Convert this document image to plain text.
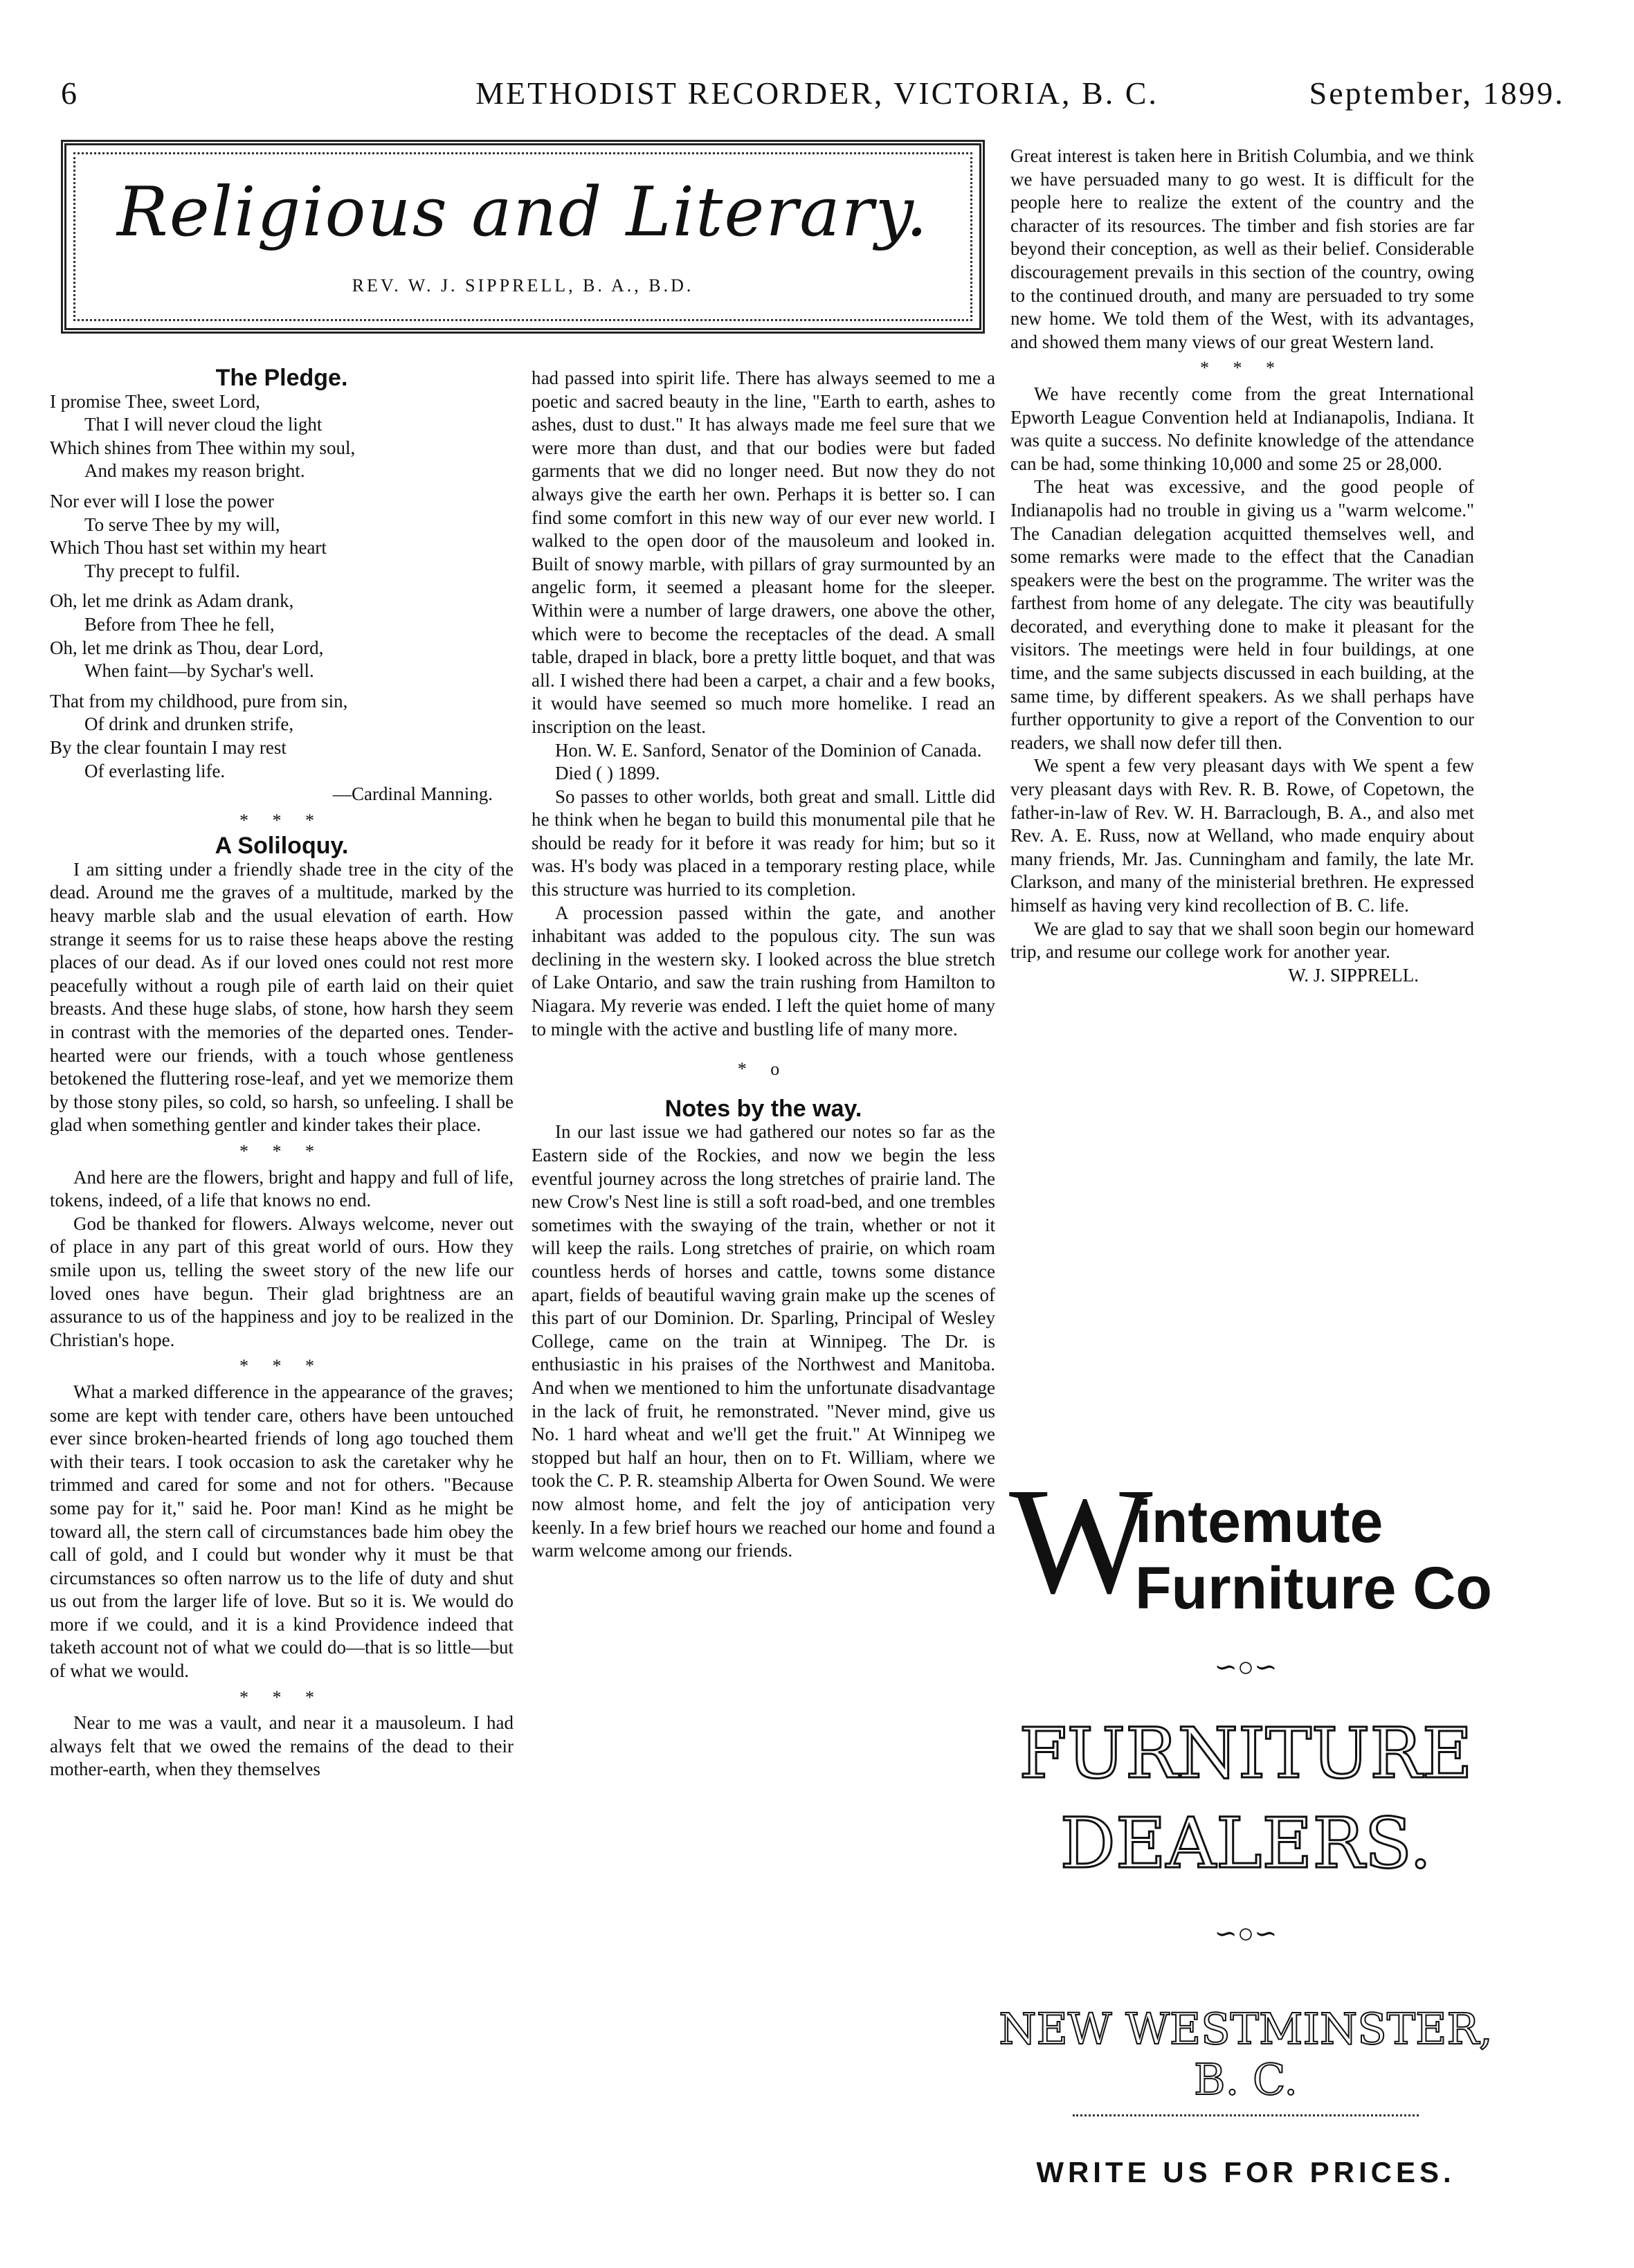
6	METHODIST RECORDER, VICTORIA, B. C.	September, 1899.
Religious and Literary.
REV. W. J. SIPPRELL, B. A., B.D.
The Pledge.
I promise Thee, sweet Lord,
That I will never cloud the light
Which shines from Thee within my soul,
And makes my reason bright.
Nor ever will I lose the power
To serve Thee by my will,
Which Thou hast set within my heart
Thy precept to fulfil.
Oh, let me drink as Adam drank,
Before from Thee he fell,
Oh, let me drink as Thou, dear Lord,
When faint—by Sychar's well.
That from my childhood, pure from sin,
Of drink and drunken strife,
By the clear fountain I may rest
Of everlasting life.

—Cardinal Manning.

* * *
A Soliloquy.

I am sitting under a friendly shade tree in the city of the dead. Around me the graves of a multitude, marked by the heavy marble slab and the usual elevation of earth. How strange it seems for us to raise these heaps above the resting places of our dead. As if our loved ones could not rest more peacefully without a rough pile of earth laid on their quiet breasts. And these huge slabs, of stone, how harsh they seem in contrast with the memories of the departed ones. Tender-hearted were our friends, with a touch whose gentleness betokened the fluttering rose-leaf, and yet we memorize them by those stony piles, so cold, so harsh, so unfeeling. I shall be glad when something gentler and kinder takes their place.

* * *

And here are the flowers, bright and happy and full of life, tokens, indeed, of a life that knows no end.

God be thanked for flowers. Always welcome, never out of place in any part of this great world of ours. How they smile upon us, telling the sweet story of the new life our loved ones have begun. Their glad brightness are an assurance to us of the happiness and joy to be realized in the Christian's hope.

* * *

What a marked difference in the appearance of the graves; some are kept with tender care, others have been untouched ever since broken-hearted friends of long ago touched them with their tears. I took occasion to ask the caretaker why he trimmed and cared for some and not for others. "Because some pay for it," said he. Poor man! Kind as he might be toward all, the stern call of circumstances bade him obey the call of gold, and I could but wonder why it must be that circumstances so often narrow us to the life of duty and shut us out from the larger life of love. But so it is. We would do more if we could, and it is a kind Providence indeed that taketh account not of what we could do—that is so little—but of what we would.

* * *

Near to me was a vault, and near it a mausoleum. I had always felt that we owed the remains of the dead to their mother-earth, when they themselves

had passed into spirit life. There has always seemed to me a poetic and sacred beauty in the line, "Earth to earth, ashes to ashes, dust to dust." It has always made me feel sure that we were more than dust, and that our bodies were but faded garments that we did no longer need. But now they do not always give the earth her own. Perhaps it is better so. I can find some comfort in this new way of our ever new world. I walked to the open door of the mausoleum and looked in. Built of snowy marble, with pillars of gray surmounted by an angelic form, it seemed a pleasant home for the sleeper. Within were a number of large drawers, one above the other, which were to become the receptacles of the dead. A small table, draped in black, bore a pretty little boquet, and that was all. I wished there had been a carpet, a chair and a few books, it would have seemed so much more homelike. I read an inscription on the least.

Hon. W. E. Sanford, Senator of the Dominion of Canada.

Died ( ) 1899.

So passes to other worlds, both great and small. Little did he think when he began to build this monumental pile that he should be ready for it before it was ready for him; but so it was. H's body was placed in a temporary resting place, while this structure was hurried to its completion.

A procession passed within the gate, and another inhabitant was added to the populous city. The sun was declining in the western sky. I looked across the blue stretch of Lake Ontario, and saw the train rushing from Hamilton to Niagara. My reverie was ended. I left the quiet home of many to mingle with the active and bustling life of many more.

* o
Notes by the way.

In our last issue we had gathered our notes so far as the Eastern side of the Rockies, and now we begin the less eventful journey across the long stretches of prairie land. The new Crow's Nest line is still a soft road-bed, and one trembles sometimes with the swaying of the train, whether or not it will keep the rails. Long stretches of prairie, on which roam countless herds of horses and cattle, towns some distance apart, fields of beautiful waving grain make up the scenes of this part of our Dominion. Dr. Sparling, Principal of Wesley College, came on the train at Winnipeg. The Dr. is enthusiastic in his praises of the Northwest and Manitoba. And when we mentioned to him the unfortunate disadvantage in the lack of fruit, he remonstrated. "Never mind, give us No. 1 hard wheat and we'll get the fruit." At Winnipeg we stopped but half an hour, then on to Ft. William, where we took the C. P. R. steamship Alberta for Owen Sound. We were now almost home, and felt the joy of anticipation very keenly. In a few brief hours we reached our home and found a warm welcome among our friends.

Great interest is taken here in British Columbia, and we think we have persuaded many to go west. It is difficult for the people here to realize the extent of the country and the character of its resources. The timber and fish stories are far beyond their conception, as well as their belief. Considerable discouragement prevails in this section of the country, owing to the continued drouth, and many are persuaded to try some new home. We told them of the West, with its advantages, and showed them many views of our great Western land.

* * *

We have recently come from the great International Epworth League Convention held at Indianapolis, Indiana. It was quite a success. No definite knowledge of the attendance can be had, some thinking 10,000 and some 25 or 28,000.

The heat was excessive, and the good people of Indianapolis had no trouble in giving us a "warm welcome." The Canadian delegation acquitted themselves well, and some remarks were made to the effect that the Canadian speakers were the best on the programme. The writer was the farthest from home of any delegate. The city was beautifully decorated, and everything done to make it pleasant for the visitors. The meetings were held in four buildings, at one time, and the same subjects discussed in each building, at the same time, by different speakers. As we shall perhaps have further opportunity to give a report of the Convention to our readers, we shall now defer till then.

We spent a few very pleasant days with We spent a few very pleasant days with Rev. R. B. Rowe, of Copetown, the father-in-law of Rev. W. H. Barraclough, B. A., and also met Rev. A. E. Russ, now at Welland, who made enquiry about many friends, Mr. Jas. Cunningham and family, the late Mr. Clarkson, and many of the ministerial brethren. He expressed himself as having very kind recollection of B. C. life.

We are glad to say that we shall soon begin our homeward trip, and resume our college work for another year.

W. J. SIPPRELL.

W
intemute
Furniture Co
∽○∽
FURNITURE
DEALERS.
∽○∽
NEW WESTMINSTER, B. C.
WRITE US FOR PRICES.
